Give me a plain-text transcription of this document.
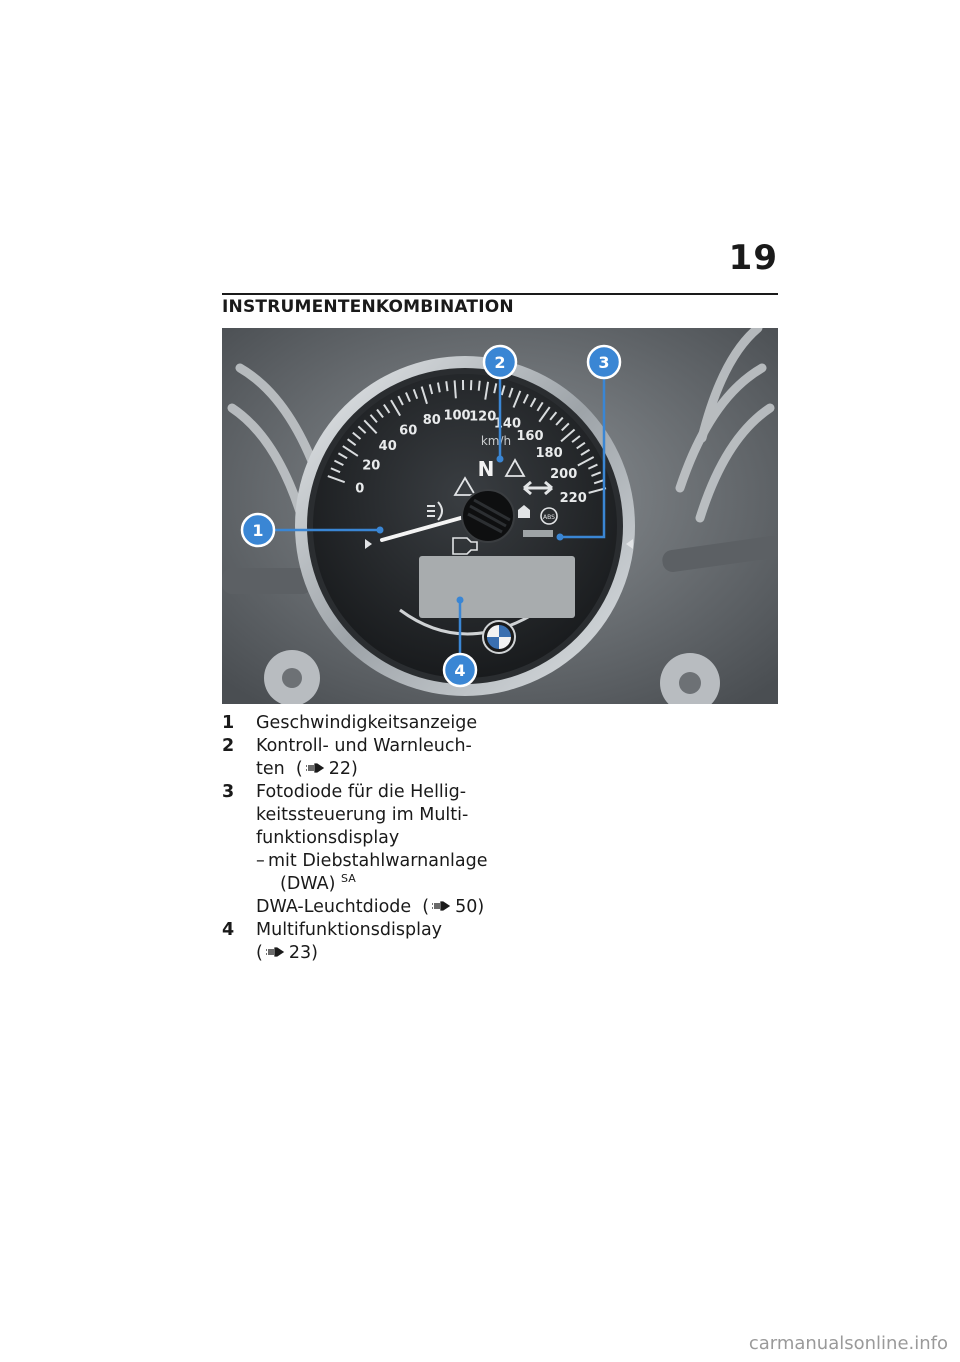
19
INSTRUMENTENKOMBINATION
0
20
40
60
80 100
120
140
160
180
200
220
km/h
N
ABS
1
2	3
4
1	Geschwindigkeitsanzeige
2	Kontroll- und Warnleuch-
ten ( 22)
3	Fotodiode für die Hellig-
keitssteuerung im Multi-
funktionsdisplay
– mit Diebstahlwarnanlage
(DWA) $^{SA}$
DWA-Leuchtdiode ( 50)
4	Multifunktionsdisplay
( 23)
carmanualsonline.info
